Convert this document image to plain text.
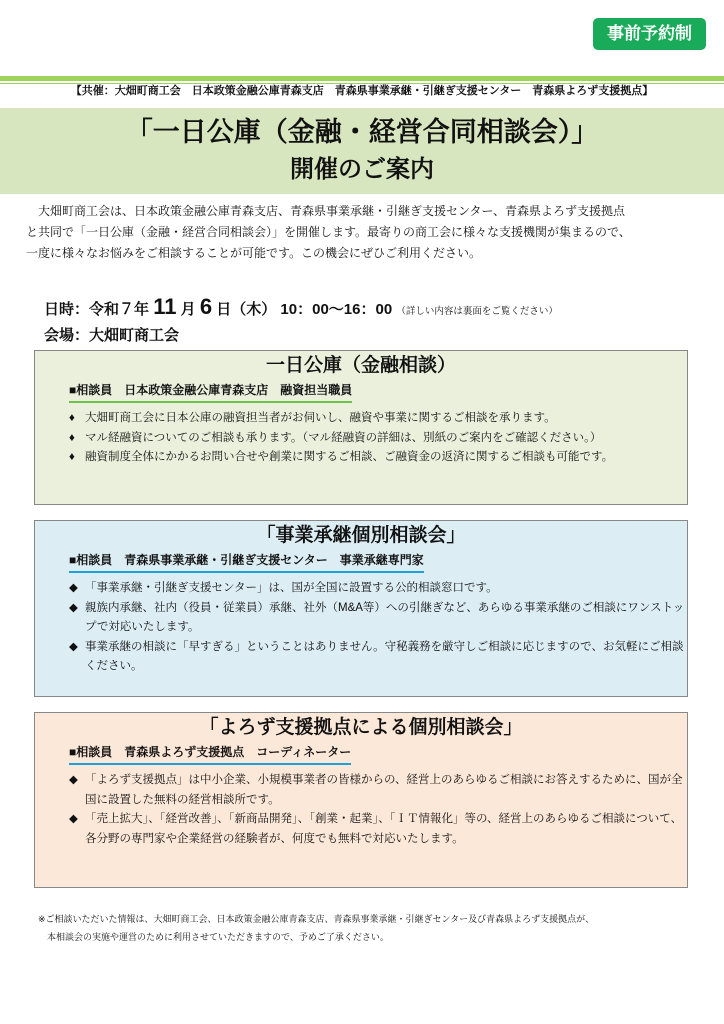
事前予約制
【共催：大畑町商工会　日本政策金融公庫青森支店　青森県事業承継・引継ぎ支援センター　青森県よろず支援拠点】
「一日公庫（金融・経営合同相談会）」
開催のご案内

　大畑町商工会は、日本政策金融公庫青森支店、青森県事業承継・引継ぎ支援センター、青森県よろず支援拠点

と共同で「一日公庫（金融・経営合同相談会）」を開催します。最寄りの商工会に様々な支援機関が集まるので、

一度に様々なお悩みをご相談することが可能です。この機会にぜひご利用ください。

日時：令和７年 11 月 6 日（木） 10：00〜16：00 （詳しい内容は裏面をご覧ください）
会場：大畑町商工会
一日公庫（金融相談）
■相談員　日本政策金融公庫青森支店　融資担当職員
♦ 大畑町商工会に日本公庫の融資担当者がお伺いし、融資や事業に関するご相談を承ります。
♦ マル経融資についてのご相談も承ります。（マル経融資の詳細は、別紙のご案内をご確認ください。）
♦ 融資制度全体にかかるお問い合せや創業に関するご相談、ご融資金の返済に関するご相談も可能です。
「事業承継個別相談会」
■相談員　青森県事業承継・引継ぎ支援センター　事業承継専門家
◆ 「事業承継・引継ぎ支援センター」は、国が全国に設置する公的相談窓口です。
◆ 親族内承継、社内（役員・従業員）承継、社外（M&A等）への引継ぎなど、あらゆる事業承継のご相談にワンストップで対応いたします。
◆ 事業承継の相談に「早すぎる」ということはありません。守秘義務を厳守しご相談に応じますので、お気軽にご相談ください。
「よろず支援拠点による個別相談会」
■相談員　青森県よろず支援拠点　コーディネーター
◆ 「よろず支援拠点」は中小企業、小規模事業者の皆様からの、経営上のあらゆるご相談にお答えするために、国が全国に設置した無料の経営相談所です。
◆ 「売上拡大」、「経営改善」、「新商品開発」、「創業・起業」、「ＩＴ情報化」等の、経営上のあらゆるご相談について、各分野の専門家や企業経営の経験者が、何度でも無料で対応いたします。

※ご相談いただいた情報は、大畑町商工会、日本政策金融公庫青森支店、青森県事業承継・引継ぎセンター及び青森県よろず支援拠点が、

　本相談会の実施や運営のために利用させていただきますので、予めご了承ください。
